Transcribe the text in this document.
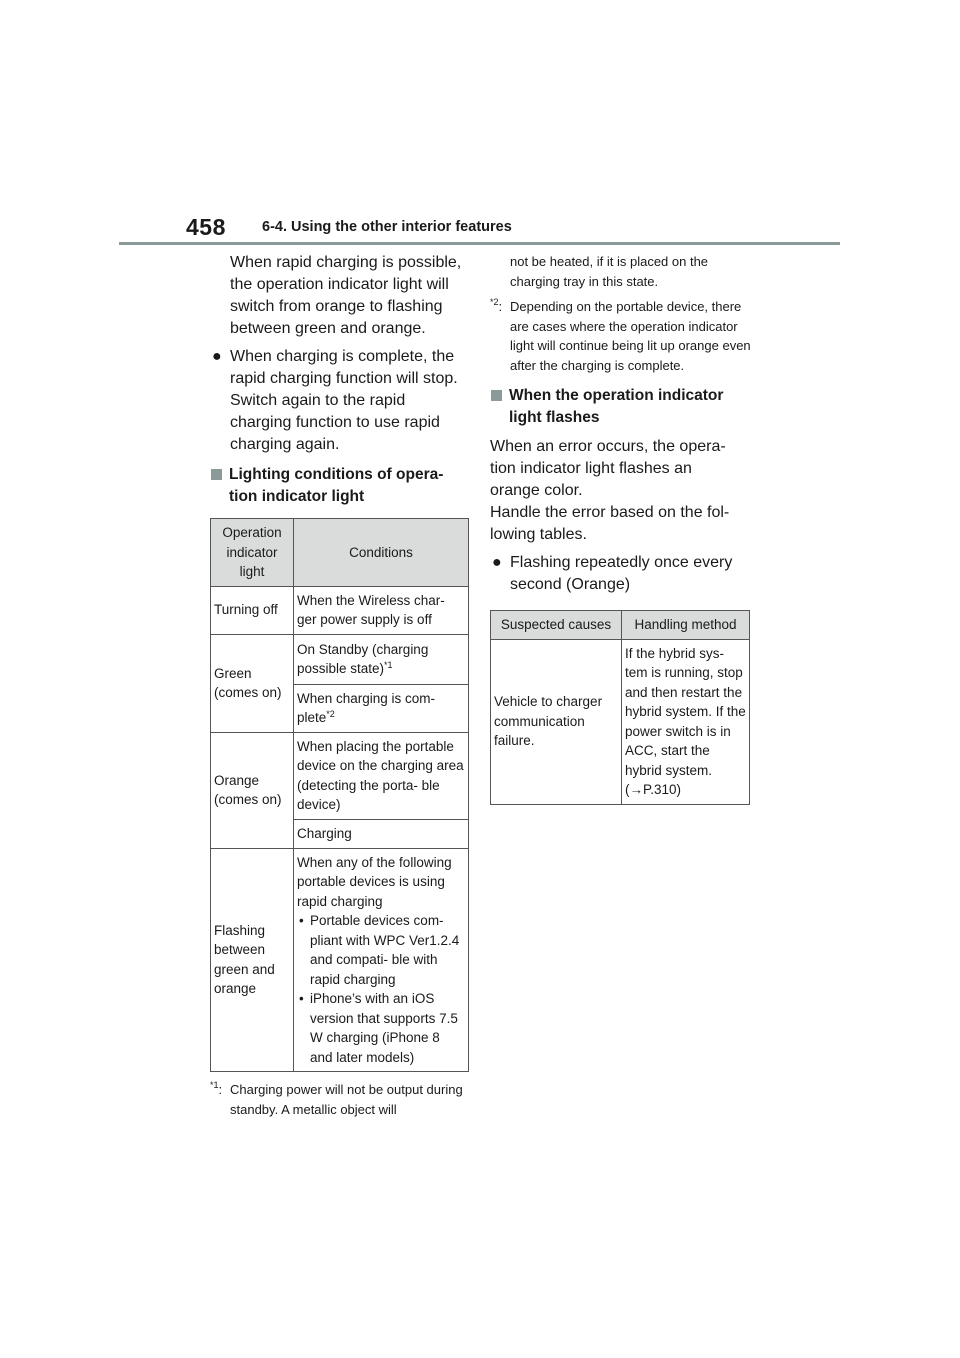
458 6-4. Using the other interior features

When rapid charging is possible, the operation indicator light will switch from orange to flashing between green and orange.

● When charging is complete, the rapid charging function will stop. Switch again to the rapid charging function to use rapid charging again.
Lighting conditions of opera-
tion indicator light
Operation indicator light	Conditions
Turning off	When the Wireless char- ger power supply is off
Green (comes on)	On Standby (charging possible state)$^{*1}$
	When charging is com- plete$^{*2}$
Orange (comes on)	When placing the portable device on the charging area (detecting the porta- ble device)
	Charging
Flashing between green and orange	When any of the following portable devices is using rapid charging
• Portable devices com- pliant with WPC Ver1.2.4 and compati- ble with rapid charging
• iPhone’s with an iOS version that supports 7.5 W charging (iPhone 8 and later models)
$^{*1}$: Charging power will not be output during standby. A metallic object will
not be heated, if it is placed on the charging tray in this state.
$^{*2}$: Depending on the portable device, there are cases where the operation indicator light will continue being lit up orange even after the charging is complete.
When the operation indicator
light flashes

When an error occurs, the opera- tion indicator light flashes an orange color.

Handle the error based on the fol- lowing tables.

● Flashing repeatedly once every second (Orange)
Suspected causes	Handling method
Vehicle to charger communication failure.	If the hybrid sys- tem is running, stop and then restart the hybrid system. If the power switch is in ACC, start the hybrid system.
(→P.310)
